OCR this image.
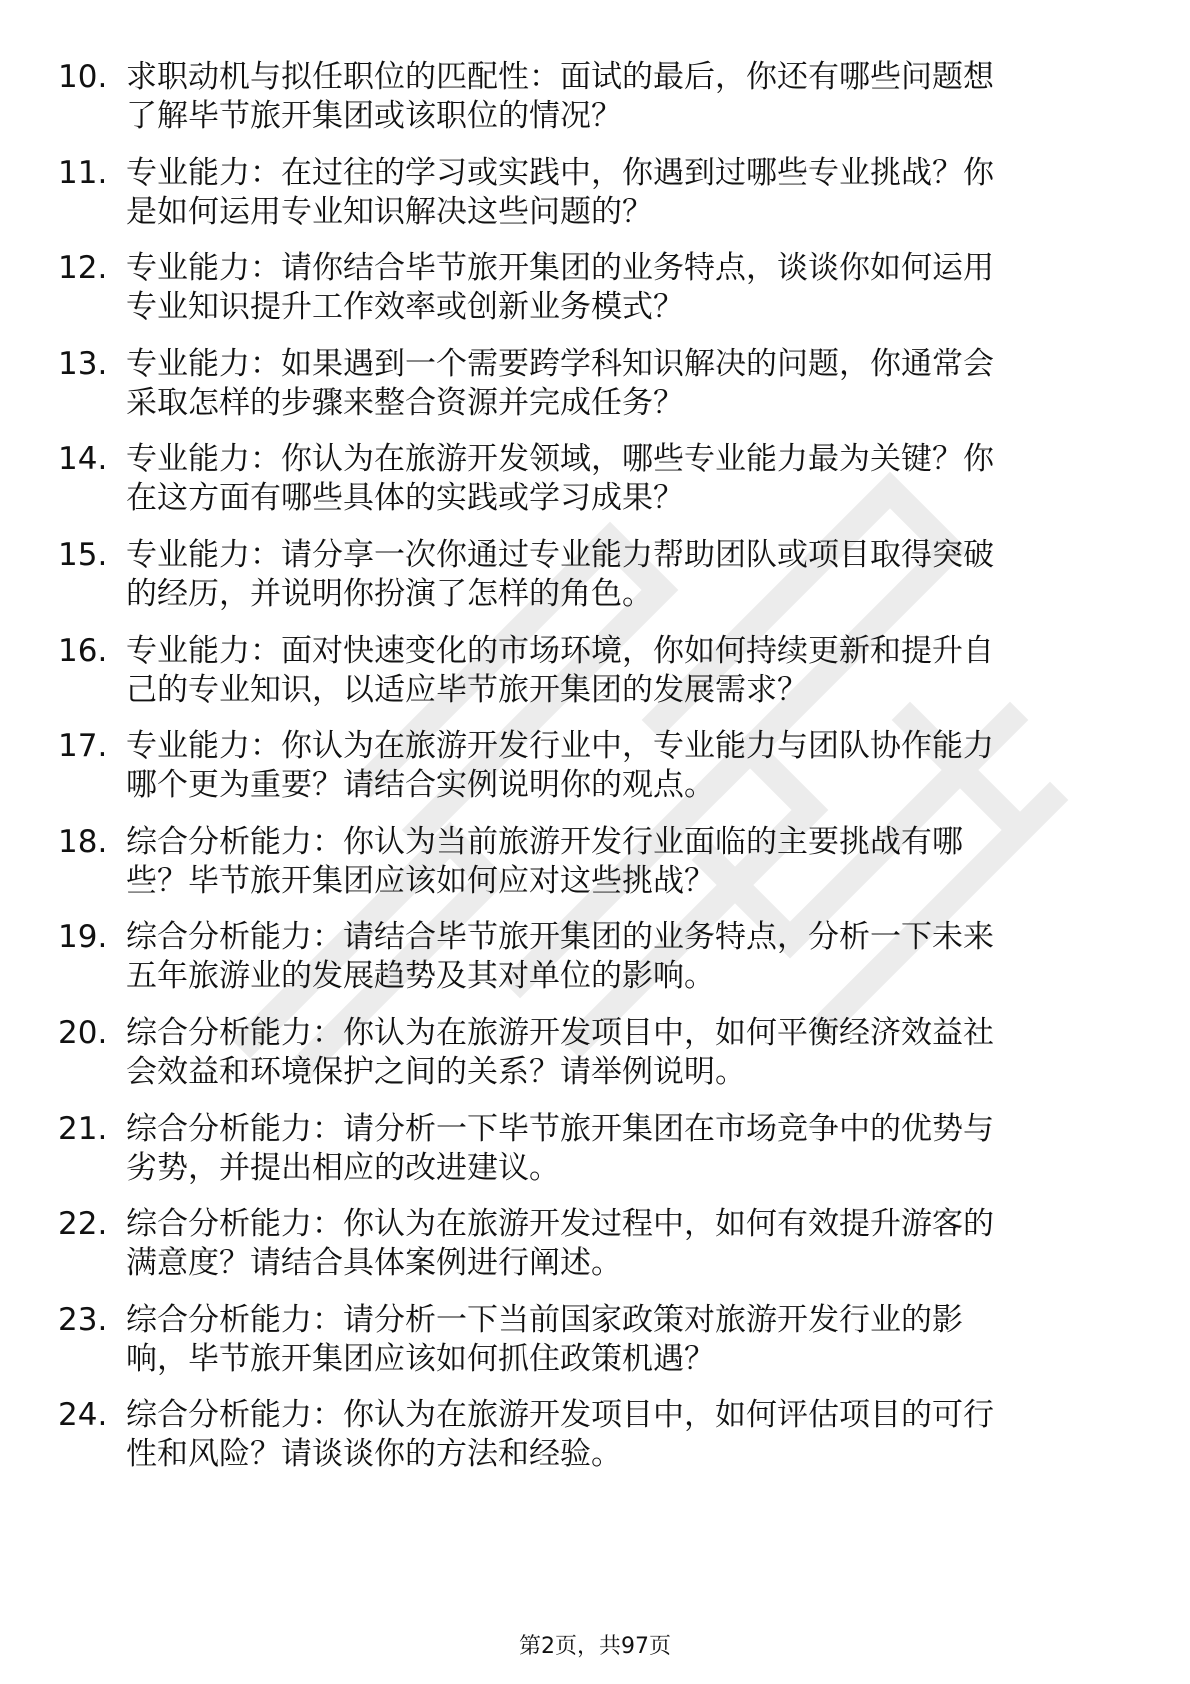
10. 求职动机与拟任职位的匹配性：面试的最后，你还有哪些问题想
了解毕节旅开集团或该职位的情况？
11. 专业能力：在过往的学习或实践中，你遇到过哪些专业挑战？你
是如何运用专业知识解决这些问题的？
12. 专业能力：请你结合毕节旅开集团的业务特点，谈谈你如何运用
专业知识提升工作效率或创新业务模式？
13. 专业能力：如果遇到一个需要跨学科知识解决的问题，你通常会
采取怎样的步骤来整合资源并完成任务？
14. 专业能力：你认为在旅游开发领域，哪些专业能力最为关键？你
在这方面有哪些具体的实践或学习成果？
15. 专业能力：请分享一次你通过专业能力帮助团队或项目取得突破
的经历，并说明你扮演了怎样的角色。
16. 专业能力：面对快速变化的市场环境，你如何持续更新和提升自
己的专业知识，以适应毕节旅开集团的发展需求？
17. 专业能力：你认为在旅游开发行业中，专业能力与团队协作能力
哪个更为重要？请结合实例说明你的观点。
18. 综合分析能力：你认为当前旅游开发行业面临的主要挑战有哪
些？毕节旅开集团应该如何应对这些挑战？
19. 综合分析能力：请结合毕节旅开集团的业务特点，分析一下未来
五年旅游业的发展趋势及其对单位的影响。
20. 综合分析能力：你认为在旅游开发项目中，如何平衡经济效益社
会效益和环境保护之间的关系？请举例说明。
21. 综合分析能力：请分析一下毕节旅开集团在市场竞争中的优势与
劣势，并提出相应的改进建议。
22. 综合分析能力：你认为在旅游开发过程中，如何有效提升游客的
满意度？请结合具体案例进行阐述。
23. 综合分析能力：请分析一下当前国家政策对旅游开发行业的影
响，毕节旅开集团应该如何抓住政策机遇？
24. 综合分析能力：你认为在旅游开发项目中，如何评估项目的可行
性和风险？请谈谈你的方法和经验。
第2页，共97页
